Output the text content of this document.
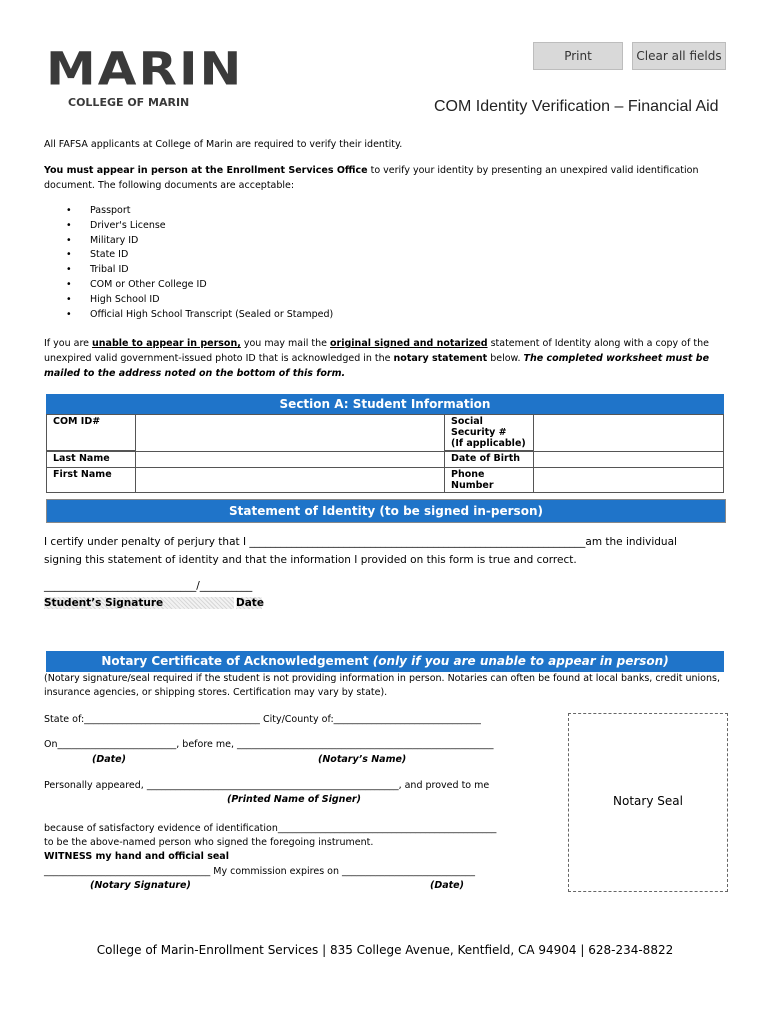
Print	Clear all fields
MARIN
COLLEGE OF MARIN	COM Identity Verification – Financial Aid
All FAFSA applicants at College of Marin are required to verify their identity.
You must appear in person at the Enrollment Services Office to verify your identity by presenting an unexpired valid identification document. The following documents are acceptable:
• Passport
• Driver's License
• Military ID
• State ID
• Tribal ID
• COM or Other College ID
• High School ID
• Official High School Transcript (Sealed or Stamped)
If you are unable to appear in person, you may mail the original signed and notarized statement of Identity along with a copy of the unexpired valid government-issued photo ID that is acknowledged in the notary statement below. The completed worksheet must be mailed to the address noted on the bottom of this form.
Section A: Student Information
COM ID#		Social Security #
(If applicable)	

Last Name		Date of Birth	
First Name		Phone Number	
Statement of Identity (to be signed in-person)
I certify under penalty of perjury that I ________________________________________________________________am the individual
signing this statement of identity and that the information I provided on this form is true and correct.
_____________________________/__________
Student’s Signature	Date
Notary Certificate of Acknowledgement (only if you are unable to appear in person)
(Notary signature/seal required if the student is not providing information in person. Notaries can often be found at local banks, credit unions, insurance agencies, or shipping stores. Certification may vary by state).
State of:_____________________________________ City/County of:_______________________________
On_________________________, before me, ______________________________________________________
(Date)	(Notary’s Name)
Personally appeared, _____________________________________________________, and proved to me
(Printed Name of Signer)
because of satisfactory evidence of identification______________________________________________
to be the above-named person who signed the foregoing instrument.
WITNESS my hand and official seal
___________________________________ My commission expires on ____________________________
(Notary Signature)	(Date)
Notary Seal
College of Marin-Enrollment Services | 835 College Avenue, Kentfield, CA 94904 | 628-234-8822
